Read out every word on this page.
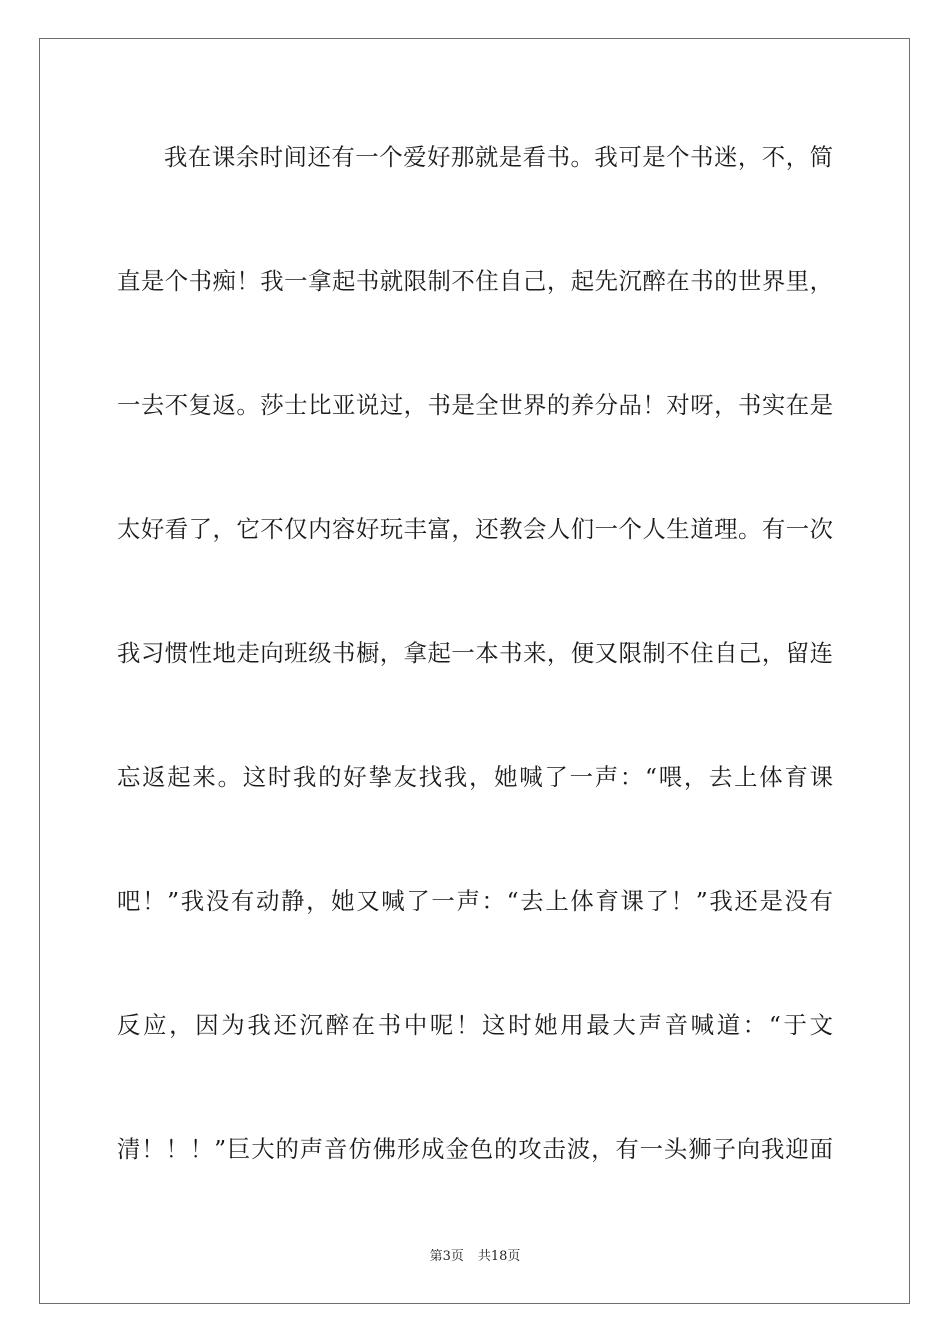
我在课余时间还有一个爱好那就是看书。我可是个书迷，不，简
直是个书痴！我一拿起书就限制不住自己，起先沉醉在书的世界里，
一去不复返。莎士比亚说过，书是全世界的养分品！对呀，书实在是
太好看了，它不仅内容好玩丰富，还教会人们一个人生道理。有一次
我习惯性地走向班级书橱，拿起一本书来，便又限制不住自己，留连
忘返起来。这时我的好挚友找我，她喊了一声：“喂，去上体育课
吧！”我没有动静，她又喊了一声：“去上体育课了！”我还是没有
反应，因为我还沉醉在书中呢！这时她用最大声音喊道：“于文
清！！！”巨大的声音仿佛形成金色的攻击波，有一头狮子向我迎面
第3页 共18页
